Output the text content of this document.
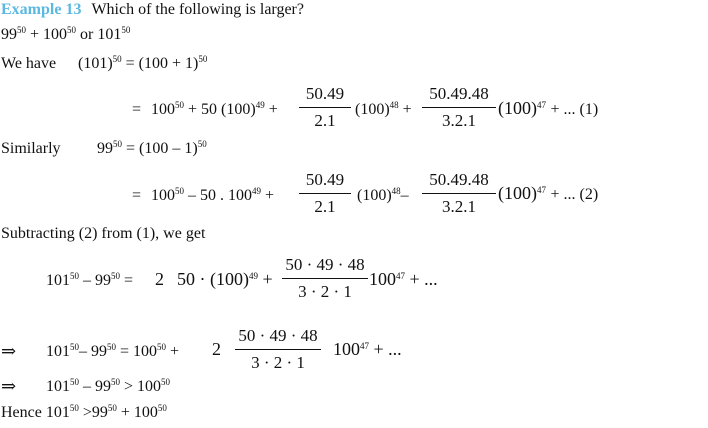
Example 13 Which of the following is larger?
$99^{50} + 100^{50}$ or $101^{50}$
We have $(101)^{50} = (100 + 1)^{50}$
= $100^{50} + 50$ $(100)^{49}$ +
50.49
2.1
$(100)^{48}$ +
50.49.48
3.2.1
$(100)^{47}$ + ... (1)
Similarly $99^{50} = (100 - 1)^{50}$
= $100^{50} - 50$ . $100^{49}$ +
50.49
2.1
$(100)^{48}-$
50.49.48
3.2.1
$(100)^{47}$ + ... (2)
Subtracting (2) from (1), we get
$101^{50} - 99^{50} = 2$ $50 \cdot (100)^{49}$ +
50 · 49 · 48
3 · 2 · 1
$100^{47}$ + ...
⇒ $101^{50}-$ $99^{50} = 100^{50} + 2$
50 · 49 · 48
3 · 2 · 1
$100^{47}$ + ...
⇒ $101^{50} - 99^{50} > 100^{50}$
Hence $101^{50} >99^{50} + 100^{50}$
